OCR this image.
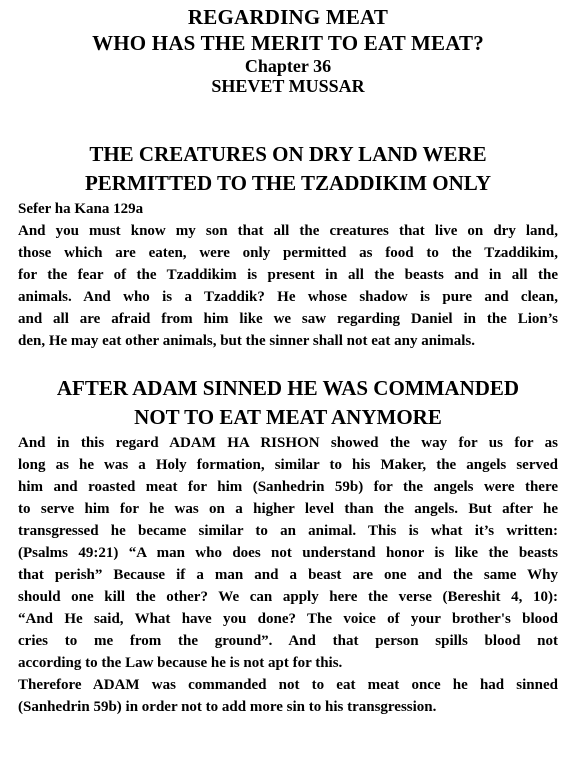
REGARDING MEAT
WHO HAS THE MERIT TO EAT MEAT?
Chapter 36
SHEVET MUSSAR
THE CREATURES ON DRY LAND WERE
PERMITTED TO THE TZADDIKIM ONLY
Sefer ha Kana 129a
And you must know my son that all the creatures that live on dry land,
those which are eaten, were only permitted as food to the Tzaddikim,
for the fear of the Tzaddikim is present in all the beasts and in all the
animals. And who is a Tzaddik? He whose shadow is pure and clean,
and all are afraid from him like we saw regarding Daniel in the Lion’s
den, He may eat other animals, but the sinner shall not eat any animals.
AFTER ADAM SINNED HE WAS COMMANDED
NOT TO EAT MEAT ANYMORE
And in this regard ADAM HA RISHON showed the way for us for as
long as he was a Holy formation, similar to his Maker, the angels served
him and roasted meat for him (Sanhedrin 59b) for the angels were there
to serve him for he was on a higher level than the angels. But after he
transgressed he became similar to an animal. This is what it’s written:
(Psalms 49:21) “A man who does not understand honor is like the beasts
that perish” Because if a man and a beast are one and the same Why
should one kill the other? We can apply here the verse (Bereshit 4, 10):
“And He said, What have you done? The voice of your brother's blood
cries to me from the ground”. And that person spills blood not
according to the Law because he is not apt for this.
Therefore ADAM was commanded not to eat meat once he had sinned
(Sanhedrin 59b) in order not to add more sin to his transgression.
